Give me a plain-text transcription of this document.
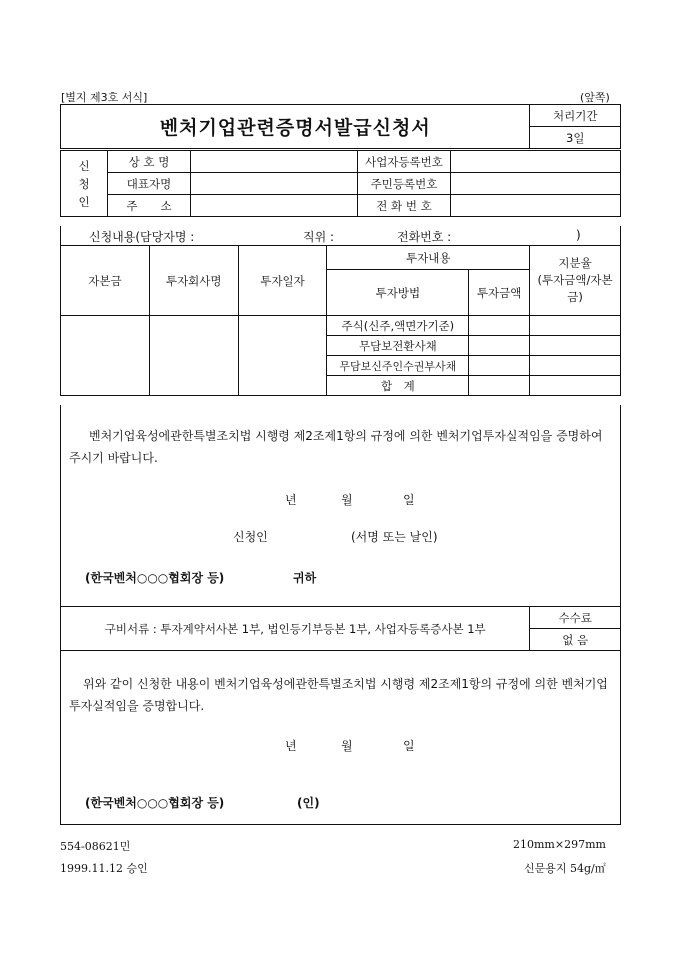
[별지 제3호 서식]	(앞쪽)
벤처기업관련증명서발급신청서	처리기간
3일
신
청
인	상 호 명		사업자등록번호	
	대표자명		주민등록번호	
	주　　소		전 화 번 호	
신청내용(담당자명 :	직위 :	전화번호 :	)
자본금	투자회사명	투자일자	투자내용		지분율
(투자금액/자본금)
			투자방법	투자금액	
			주식(신주,액면가기준)		
			무담보전환사채		
			무담보신주인수권부사채		
			합　계		
벤처기업육성에관한특별조치법 시행령 제2조제1항의 규정에 의한 벤처기업투자실적임을 증명하여 주시기 바랍니다.
년	월	일
신청인	(서명 또는 날인)
(한국벤처○○○협회장 등)	귀하
구비서류 : 투자계약서사본 1부, 법인등기부등본 1부, 사업자등록증사본 1부	수수료
없 음
위와 같이 신청한 내용이 벤처기업육성에관한특별조치법 시행령 제2조제1항의 규정에 의한 벤처기업투자실적임을 증명합니다.
년	월	일
(한국벤처○○○협회장 등)	(인)
554-08621민
1999.11.12 승인
210mm×297mm
신문용지 54g/㎡
